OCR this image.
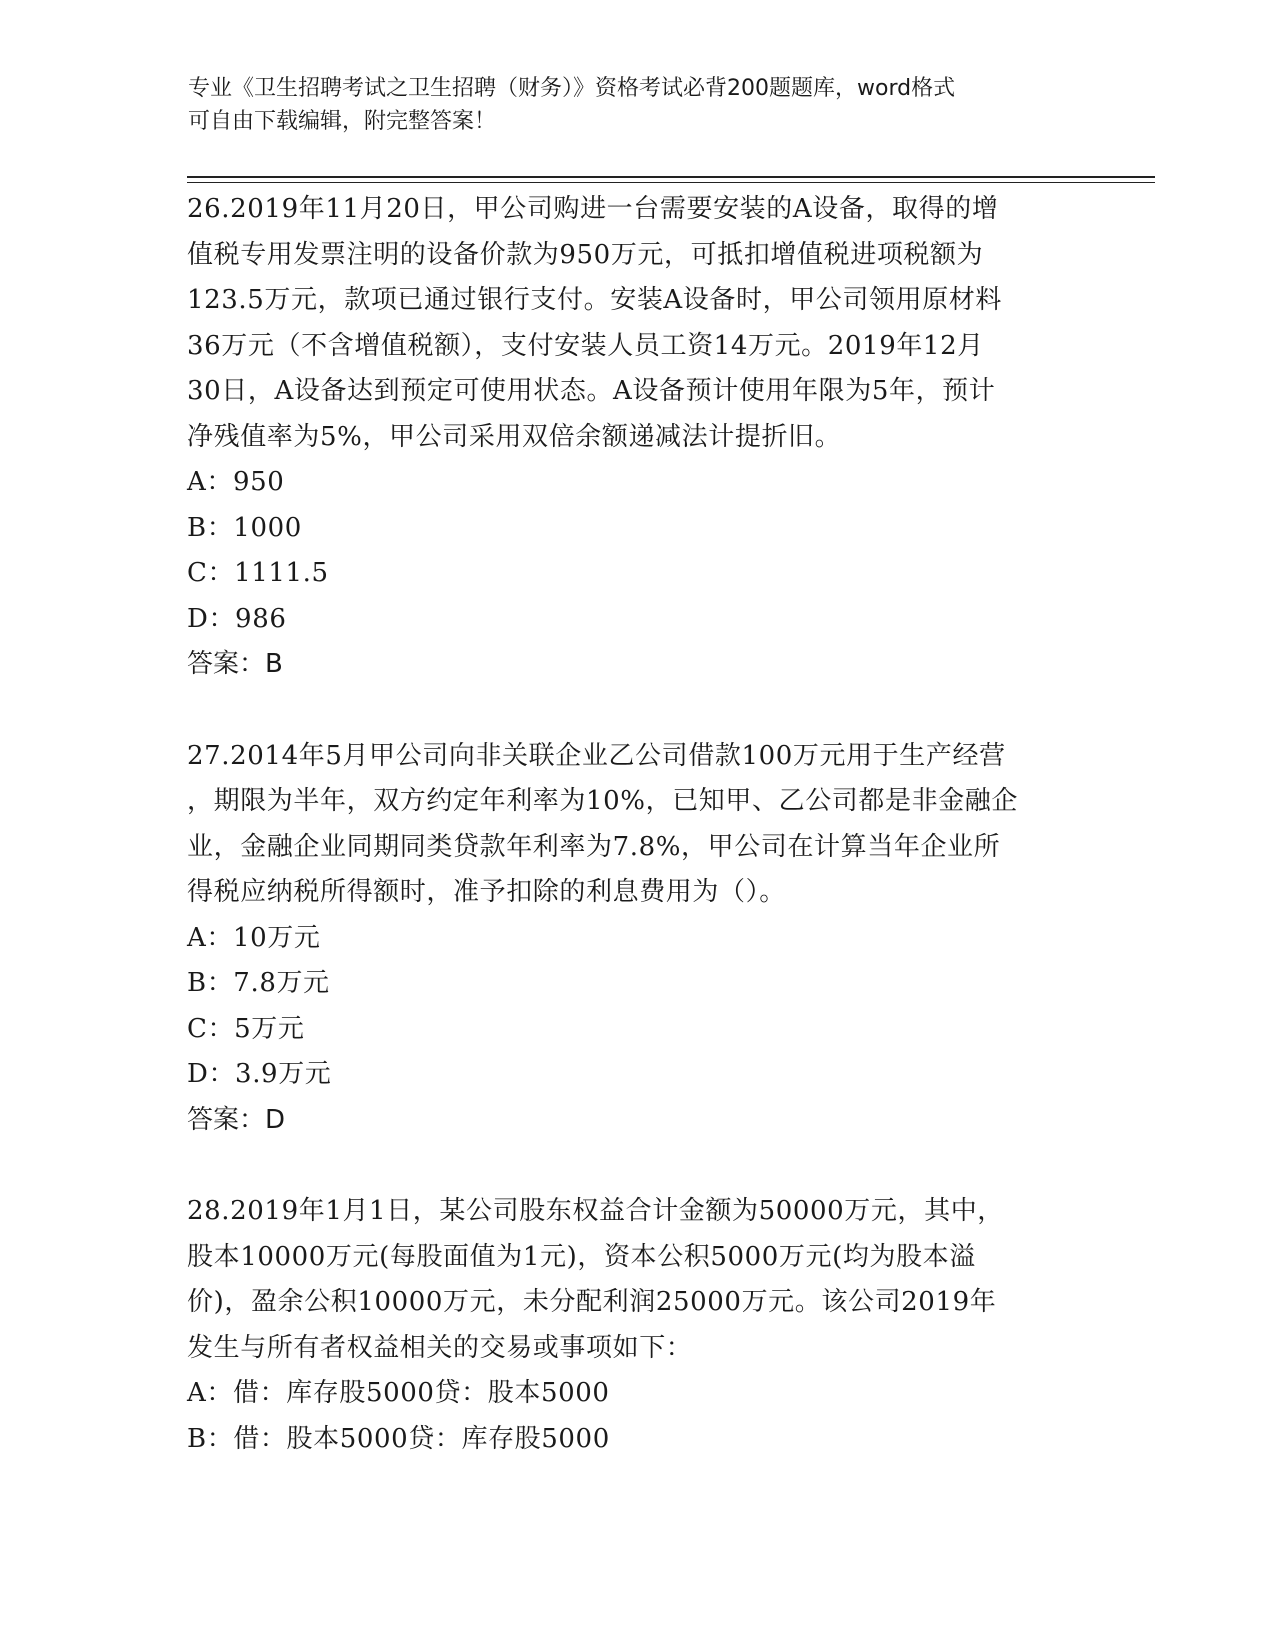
专业《卫生招聘考试之卫生招聘（财务）》资格考试必背200题题库，word格式
可自由下载编辑，附完整答案！
26.2019年11月20日，甲公司购进一台需要安装的A设备，取得的增
值税专用发票注明的设备价款为950万元，可抵扣增值税进项税额为
123.5万元，款项已通过银行支付。安装A设备时，甲公司领用原材料
36万元（不含增值税额），支付安装人员工资14万元。2019年12月
30日，A设备达到预定可使用状态。A设备预计使用年限为5年，预计
净残值率为5%，甲公司采用双倍余额递减法计提折旧。
A：950
B：1000
C：1111.5
D：986
答案：B
27.2014年5月甲公司向非关联企业乙公司借款100万元用于生产经营
，期限为半年，双方约定年利率为10%，已知甲、乙公司都是非金融企
业，金融企业同期同类贷款年利率为7.8%，甲公司在计算当年企业所
得税应纳税所得额时，准予扣除的利息费用为（）。
A：10万元
B：7.8万元
C：5万元
D：3.9万元
答案：D
28.2019年1月1日，某公司股东权益合计金额为50000万元，其中，
股本10000万元(每股面值为1元)，资本公积5000万元(均为股本溢
价)，盈余公积10000万元，未分配利润25000万元。该公司2019年
发生与所有者权益相关的交易或事项如下：
A：借：库存股5000贷：股本5000
B：借：股本5000贷：库存股5000
